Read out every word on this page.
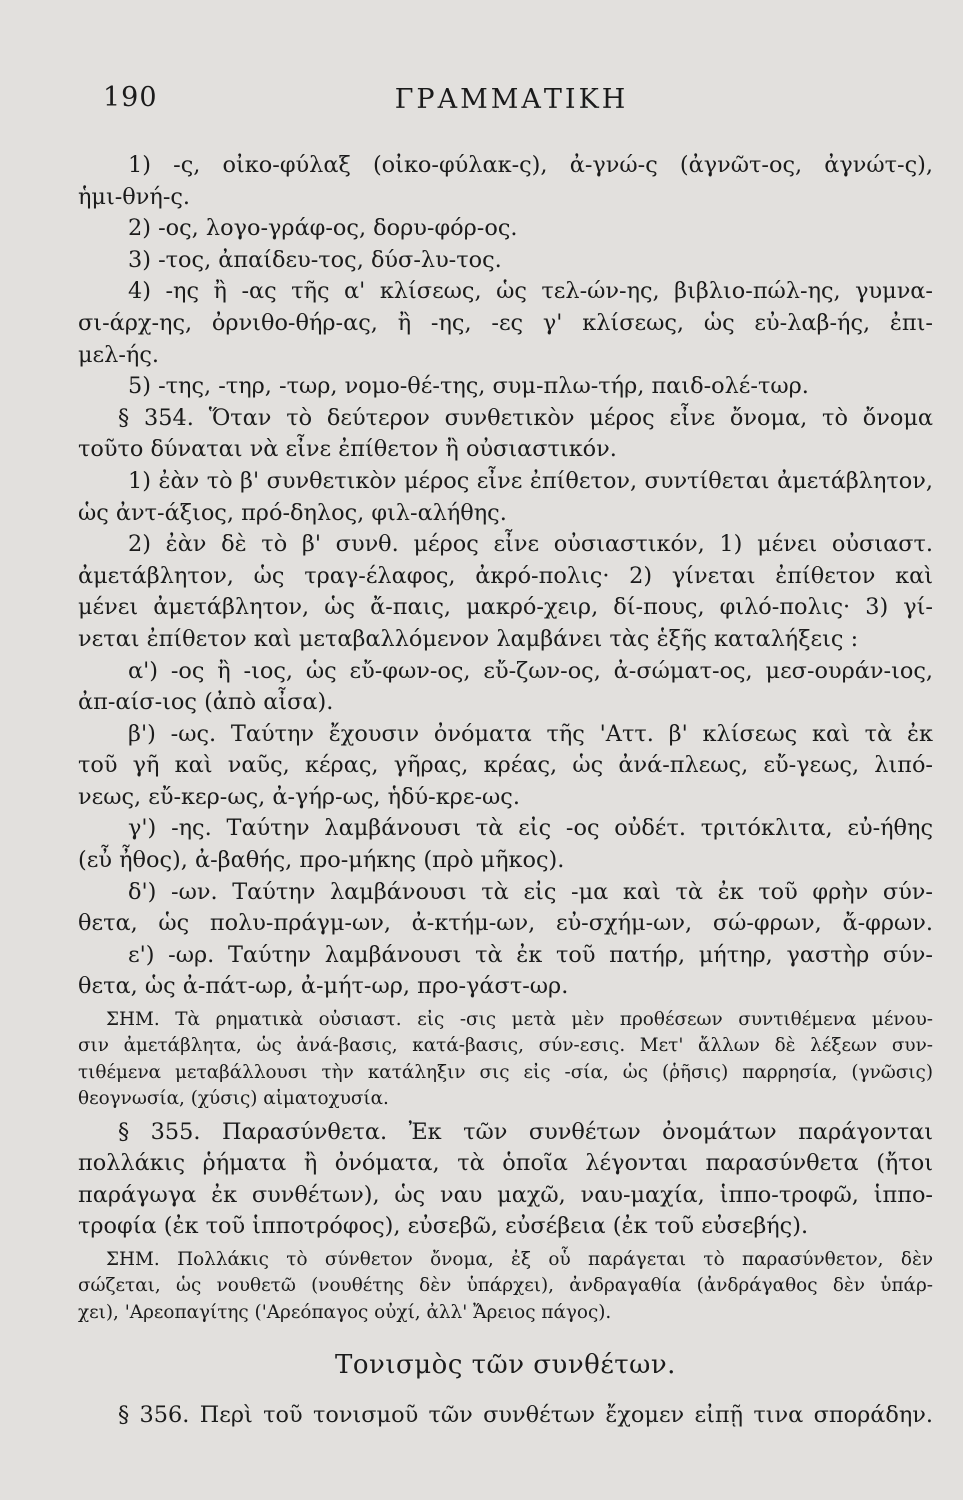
190	ΓΡΑΜΜΑΤΙΚΗ
1) -ς, οἰκο-φύλαξ (οἰκο-φύλακ-ς), ἀ-γνώ-ς (ἀγνῶτ-ος, ἀγνώτ-ς),
ἡμι-θνή-ς.
2) -ος, λογο-γράφ-ος, δορυ-φόρ-ος.
3) -τος, ἀπαίδευ-τος, δύσ-λυ-τος.
4) -ης ἢ -ας τῆς α' κλίσεως, ὡς τελ-ών-ης, βιβλιο-πώλ-ης, γυμνα-
σι-άρχ-ης, ὀρνιθο-θήρ-ας, ἢ -ης, -ες γ' κλίσεως, ὡς εὐ-λαβ-ής, ἐπι-
μελ-ής.
5) -της, -τηρ, -τωρ, νομο-θέ-της, συμ-πλω-τήρ, παιδ-ολέ-τωρ.
§ 354. Ὅταν τὸ δεύτερον συνθετικὸν μέρος εἶνε ὄνομα, τὸ ὄνομα
τοῦτο δύναται νὰ εἶνε ἐπίθετον ἢ οὐσιαστικόν.
1) ἐὰν τὸ β' συνθετικὸν μέρος εἶνε ἐπίθετον, συντίθεται ἀμετάβλητον,
ὡς ἀντ-άξιος, πρό-δηλος, φιλ-αλήθης.
2) ἐὰν δὲ τὸ β' συνθ. μέρος εἶνε οὐσιαστικόν, 1) μένει οὐσιαστ.
ἀμετάβλητον, ὡς τραγ-έλαφος, ἀκρό-πολις· 2) γίνεται ἐπίθετον καὶ
μένει ἀμετάβλητον, ὡς ἄ-παις, μακρό-χειρ, δί-πους, φιλό-πολις· 3) γί-
νεται ἐπίθετον καὶ μεταβαλλόμενον λαμβάνει τὰς ἑξῆς καταλήξεις :
α') -ος ἢ -ιος, ὡς εὔ-φων-ος, εὔ-ζων-ος, ἀ-σώματ-ος, μεσ-ουράν-ιος,
ἀπ-αίσ-ιος (ἀπὸ αἶσα).
β') -ως. Ταύτην ἔχουσιν ὀνόματα τῆς 'Αττ. β' κλίσεως καὶ τὰ ἐκ
τοῦ γῆ καὶ ναῦς, κέρας, γῆρας, κρέας, ὡς ἀνά-πλεως, εὔ-γεως, λιπό-
νεως, εὔ-κερ-ως, ἀ-γήρ-ως, ἡδύ-κρε-ως.
γ') -ης. Ταύτην λαμβάνουσι τὰ εἰς -ος οὐδέτ. τριτόκλιτα, εὐ-ήθης
(εὖ ἦθος), ἀ-βαθής, προ-μήκης (πρὸ μῆκος).
δ') -ων. Ταύτην λαμβάνουσι τὰ εἰς -μα καὶ τὰ ἐκ τοῦ φρὴν σύν-
θετα, ὡς πολυ-πράγμ-ων, ἀ-κτήμ-ων, εὐ-σχήμ-ων, σώ-φρων, ἄ-φρων.
ε') -ωρ. Ταύτην λαμβάνουσι τὰ ἐκ τοῦ πατήρ, μήτηρ, γαστὴρ σύν-
θετα, ὡς ἀ-πάτ-ωρ, ἀ-μήτ-ωρ, προ-γάστ-ωρ.
ΣΗΜ. Τὰ ρηματικὰ οὐσιαστ. εἰς -σις μετὰ μὲν προθέσεων συντιθέμενα μένου-
σιν ἀμετάβλητα, ὡς ἀνά-βασις, κατά-βασις, σύν-εσις. Μετ' ἄλλων δὲ λέξεων συν-
τιθέμενα μεταβάλλουσι τὴν κατάληξιν σις εἰς -σία, ὡς (ῥῆσις) παρρησία, (γνῶσις)
θεογνωσία, (χύσις) αἱματοχυσία.
§ 355. Παρασύνθετα. Ἐκ τῶν συνθέτων ὀνομάτων παράγονται
πολλάκις ῥήματα ἢ ὀνόματα, τὰ ὁποῖα λέγονται παρασύνθετα (ἤτοι
παράγωγα ἐκ συνθέτων), ὡς ναυ μαχῶ, ναυ-μαχία, ἱππο-τροφῶ, ἱππο-
τροφία (ἐκ τοῦ ἱπποτρόφος), εὐσεβῶ, εὐσέβεια (ἐκ τοῦ εὐσεβής).
ΣΗΜ. Πολλάκις τὸ σύνθετον ὄνομα, ἐξ οὗ παράγεται τὸ παρασύνθετον, δὲν
σώζεται, ὡς νουθετῶ (νουθέτης δὲν ὑπάρχει), ἀνδραγαθία (ἀνδράγαθος δὲν ὑπάρ-
χει), 'Αρεοπαγίτης ('Αρεόπαγος οὐχί, ἀλλ' Ἄρειος πάγος).
Τονισμὸς τῶν συνθέτων.
§ 356. Περὶ τοῦ τονισμοῦ τῶν συνθέτων ἔχομεν εἰπῇ τινα σποράδην.
